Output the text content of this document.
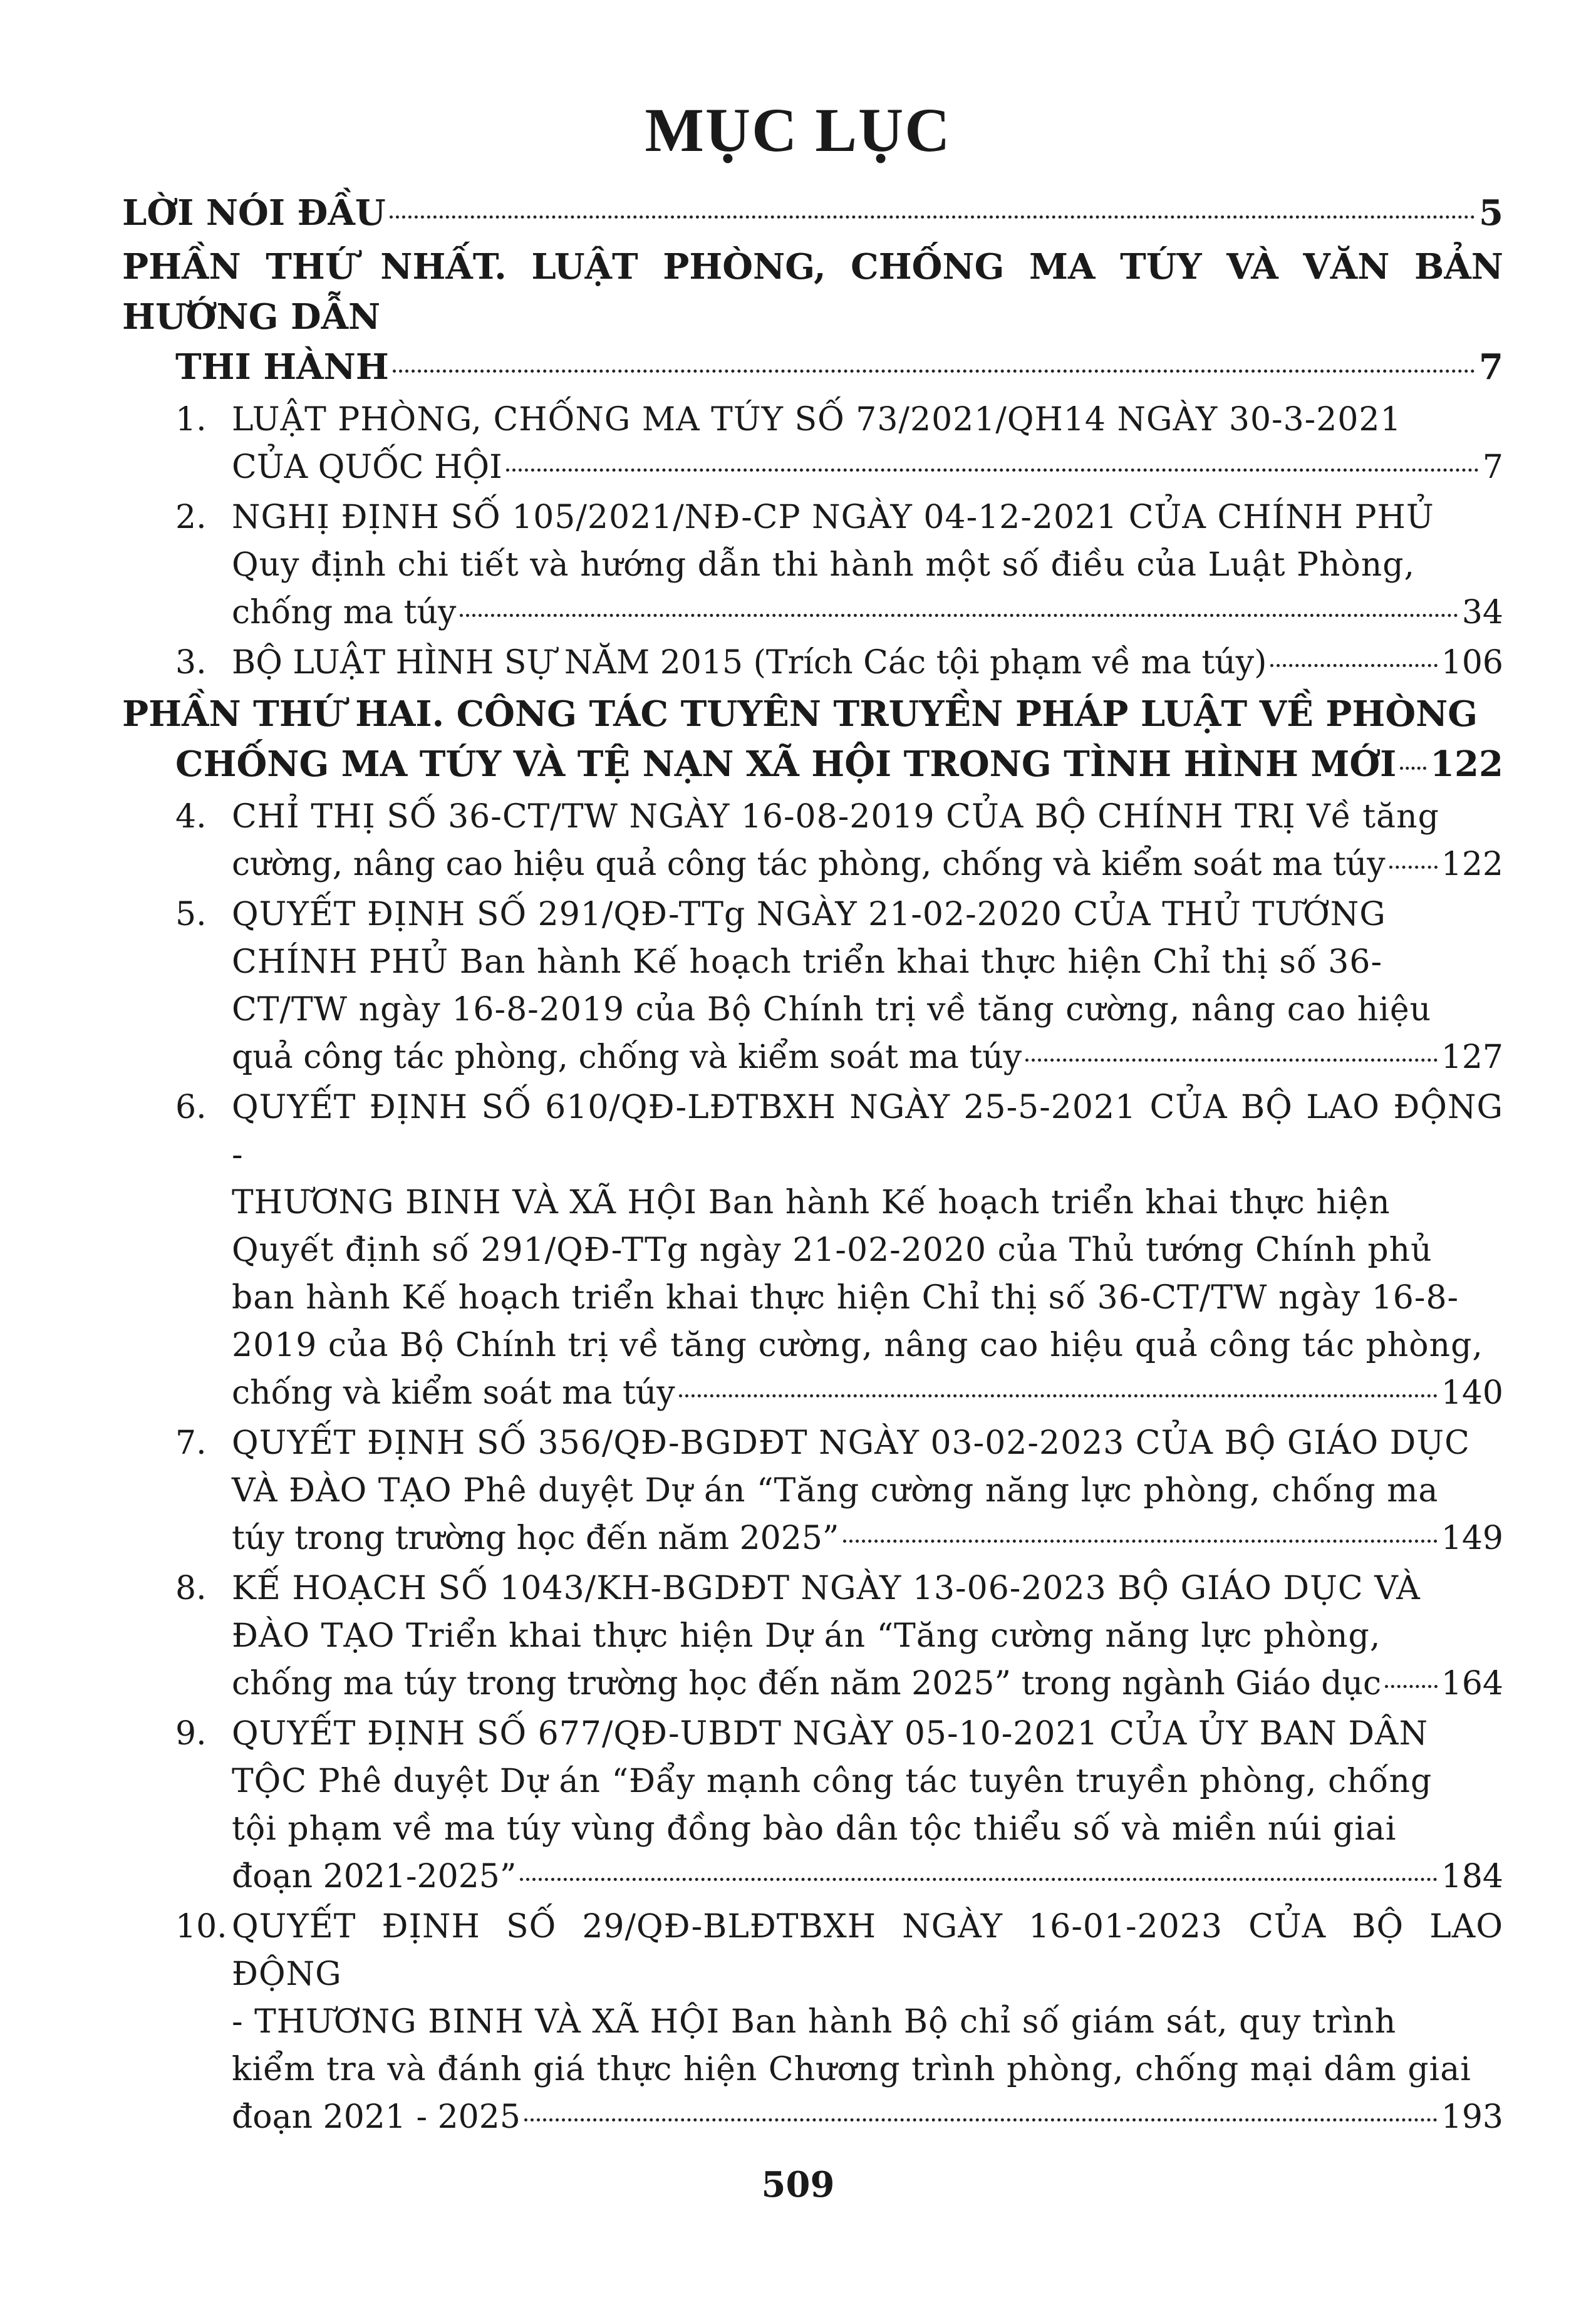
MỤC LỤC
LỜI NÓI ĐẦU	5
PHẦN THỨ NHẤT. LUẬT PHÒNG, CHỐNG MA TÚY VÀ VĂN BẢN HƯỚNG DẪN
THI HÀNH	7
1. LUẬT PHÒNG, CHỐNG MA TÚY SỐ 73/2021/QH14 NGÀY 30-3-2021
CỦA QUỐC HỘI	7
2. NGHỊ ĐỊNH SỐ 105/2021/NĐ-CP NGÀY 04-12-2021 CỦA CHÍNH PHỦ
Quy định chi tiết và hướng dẫn thi hành một số điều của Luật Phòng,
chống ma túy	34
3. BỘ LUẬT HÌNH SỰ NĂM 2015 (Trích Các tội phạm về ma túy)	106
PHẦN THỨ HAI. CÔNG TÁC TUYÊN TRUYỀN PHÁP LUẬT VỀ PHÒNG
CHỐNG MA TÚY VÀ TỆ NẠN XÃ HỘI TRONG TÌNH HÌNH MỚI 122
4. CHỈ THỊ SỐ 36-CT/TW NGÀY 16-08-2019 CỦA BỘ CHÍNH TRỊ Về tăng
cường, nâng cao hiệu quả công tác phòng, chống và kiểm soát ma túy 122
5. QUYẾT ĐỊNH SỐ 291/QĐ-TTg NGÀY 21-02-2020 CỦA THỦ TƯỚNG
CHÍNH PHỦ Ban hành Kế hoạch triển khai thực hiện Chỉ thị số 36-
CT/TW ngày 16-8-2019 của Bộ Chính trị về tăng cường, nâng cao hiệu
quả công tác phòng, chống và kiểm soát ma túy	127
6. QUYẾT ĐỊNH SỐ 610/QĐ-LĐTBXH NGÀY 25-5-2021 CỦA BỘ LAO ĐỘNG -
THƯƠNG BINH VÀ XÃ HỘI Ban hành Kế hoạch triển khai thực hiện
Quyết định số 291/QĐ-TTg ngày 21-02-2020 của Thủ tướng Chính phủ
ban hành Kế hoạch triển khai thực hiện Chỉ thị số 36-CT/TW ngày 16-8-
2019 của Bộ Chính trị về tăng cường, nâng cao hiệu quả công tác phòng,
chống và kiểm soát ma túy	140
7. QUYẾT ĐỊNH SỐ 356/QĐ-BGDĐT NGÀY 03-02-2023 CỦA BỘ GIÁO DỤC
VÀ ĐÀO TẠO Phê duyệt Dự án “Tăng cường năng lực phòng, chống ma
túy trong trường học đến năm 2025”	149
8. KẾ HOẠCH SỐ 1043/KH-BGDĐT NGÀY 13-06-2023 BỘ GIÁO DỤC VÀ
ĐÀO TẠO Triển khai thực hiện Dự án “Tăng cường năng lực phòng,
chống ma túy trong trường học đến năm 2025” trong ngành Giáo dục 164
9. QUYẾT ĐỊNH SỐ 677/QĐ-UBDT NGÀY 05-10-2021 CỦA ỦY BAN DÂN
TỘC Phê duyệt Dự án “Đẩy mạnh công tác tuyên truyền phòng, chống
tội phạm về ma túy vùng đồng bào dân tộc thiểu số và miền núi giai
đoạn 2021-2025”	184
10. QUYẾT ĐỊNH SỐ 29/QĐ-BLĐTBXH NGÀY 16-01-2023 CỦA BỘ LAO ĐỘNG
- THƯƠNG BINH VÀ XÃ HỘI Ban hành Bộ chỉ số giám sát, quy trình
kiểm tra và đánh giá thực hiện Chương trình phòng, chống mại dâm giai
đoạn 2021 - 2025	193
509
